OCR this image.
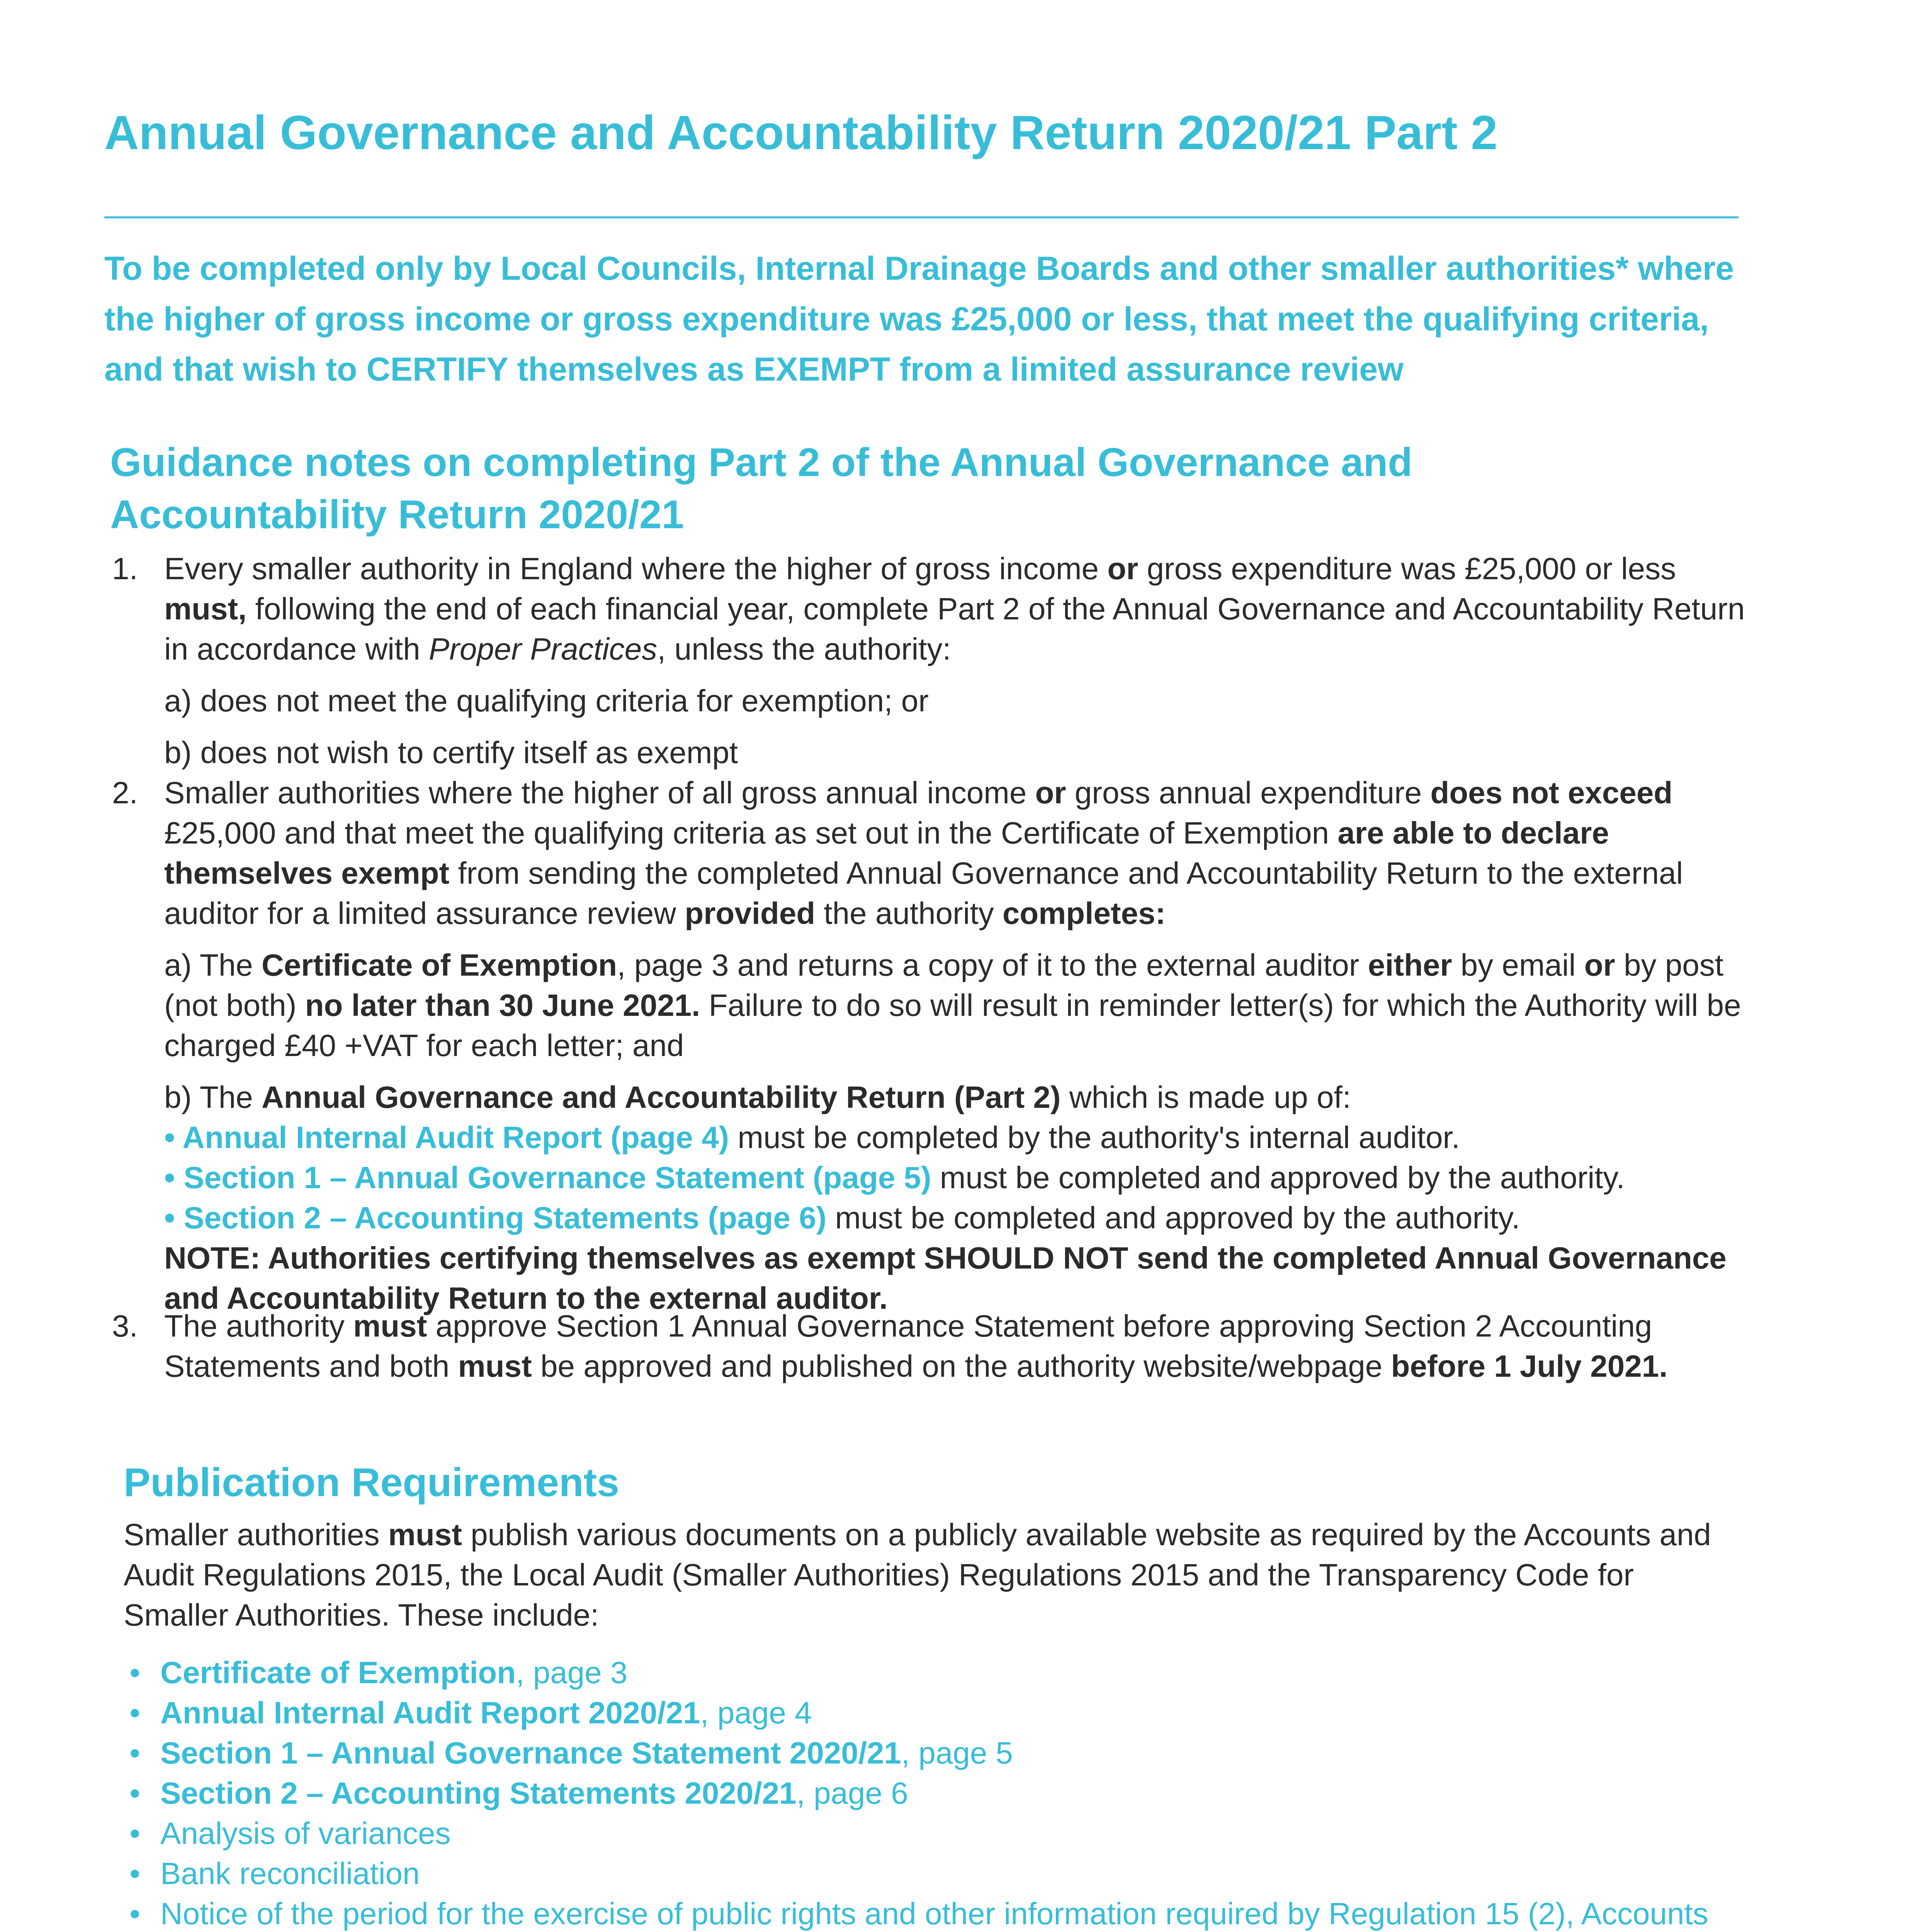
Annual Governance and Accountability Return 2020/21 Part 2
To be completed only by Local Councils, Internal Drainage Boards and other smaller authorities* where the higher of gross income or gross expenditure was £25,000 or less, that meet the qualifying criteria, and that wish to CERTIFY themselves as EXEMPT from a limited assurance review
Guidance notes on completing Part 2 of the Annual Governance and
Accountability Return 2020/21
1. Every smaller authority in England where the higher of gross income or gross expenditure was £25,000 or less must, following the end of each financial year, complete Part 2 of the Annual Governance and Accountability Return in accordance with Proper Practices, unless the authority:

a) does not meet the qualifying criteria for exemption; or

b) does not wish to certify itself as exempt

2. Smaller authorities where the higher of all gross annual income or gross annual expenditure does not exceed £25,000 and that meet the qualifying criteria as set out in the Certificate of Exemption are able to declare themselves exempt from sending the completed Annual Governance and Accountability Return to the external auditor for a limited assurance review provided the authority completes:

a) The Certificate of Exemption, page 3 and returns a copy of it to the external auditor either by email or by post (not both) no later than 30 June 2021. Failure to do so will result in reminder letter(s) for which the Authority will be charged £40 +VAT for each letter; and

b) The Annual Governance and Accountability Return (Part 2) which is made up of:

• Annual Internal Audit Report (page 4) must be completed by the authority's internal auditor.

• Section 1 – Annual Governance Statement (page 5) must be completed and approved by the authority.

• Section 2 – Accounting Statements (page 6) must be completed and approved by the authority.

NOTE: Authorities certifying themselves as exempt SHOULD NOT send the completed Annual Governance and Accountability Return to the external auditor.

3. The authority must approve Section 1 Annual Governance Statement before approving Section 2 Accounting Statements and both must be approved and published on the authority website/webpage before 1 July 2021.

Publication Requirements

Smaller authorities must publish various documents on a publicly available website as required by the Accounts and Audit Regulations 2015, the Local Audit (Smaller Authorities) Regulations 2015 and the Transparency Code for Smaller Authorities. These include:

• Certificate of Exemption, page 3
• Annual Internal Audit Report 2020/21, page 4
• Section 1 – Annual Governance Statement 2020/21, page 5
• Section 2 – Accounting Statements 2020/21, page 6
• Analysis of variances
• Bank reconciliation
• Notice of the period for the exercise of public rights and other information required by Regulation 15 (2), Accounts
